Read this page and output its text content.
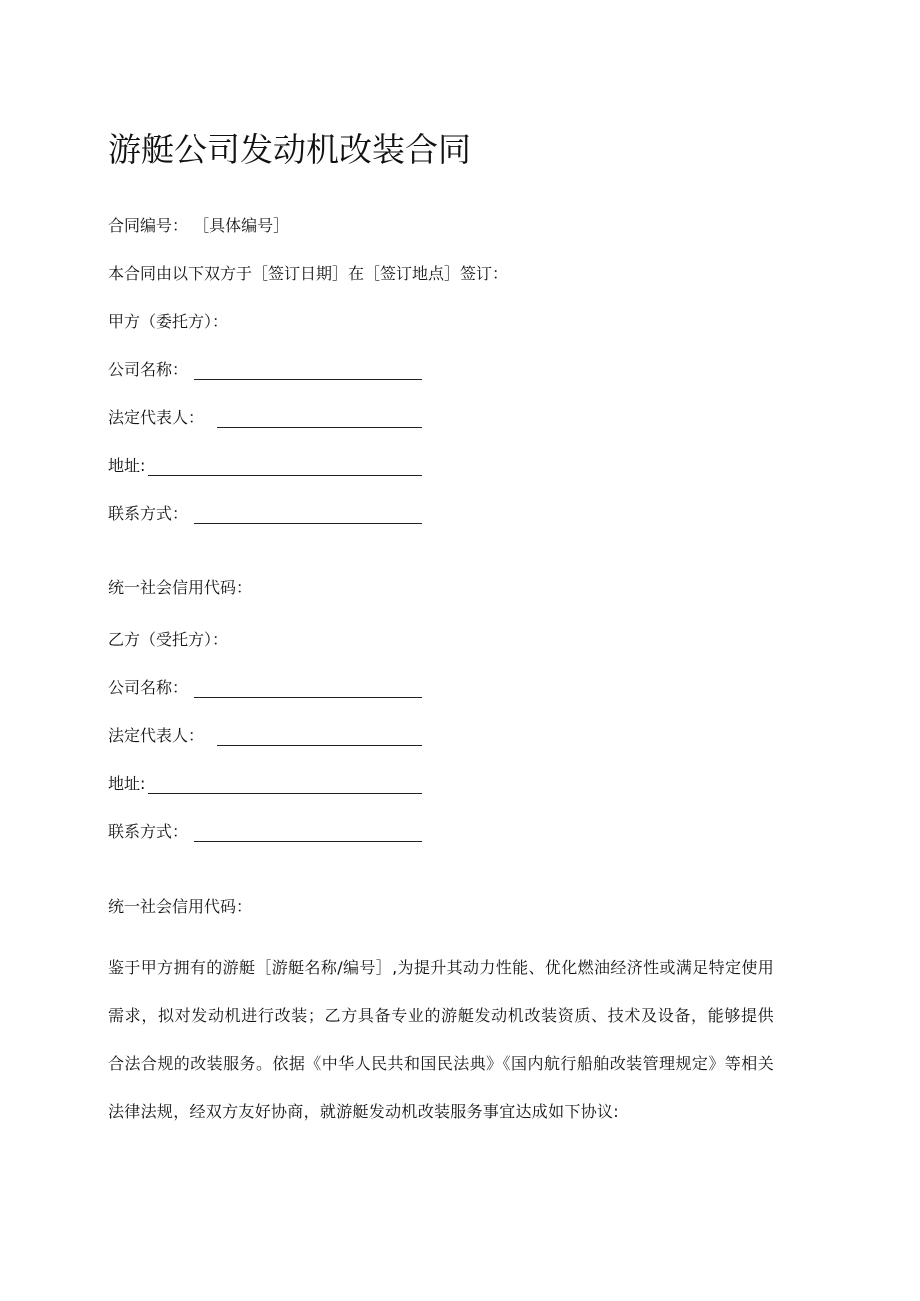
游艇公司发动机改装合同
合同编号： ［具体编号］
本合同由以下双方于［签订日期］在［签订地点］签订：
甲方（委托方）：
公司名称：
法定代表人：
地址:
联系方式：
统一社会信用代码：
乙方（受托方）：
公司名称：
法定代表人：
地址:
联系方式：
统一社会信用代码：

鉴于甲方拥有的游艇［游艇名称/编号］,为提升其动力性能、优化燃油经济性或满足特定使用需求，拟对发动机进行改装；乙方具备专业的游艇发动机改装资质、技术及设备，能够提供合法合规的改装服务。依据《中华人民共和国民法典》《国内航行船舶改装管理规定》等相关法律法规，经双方友好协商，就游艇发动机改装服务事宜达成如下协议:
